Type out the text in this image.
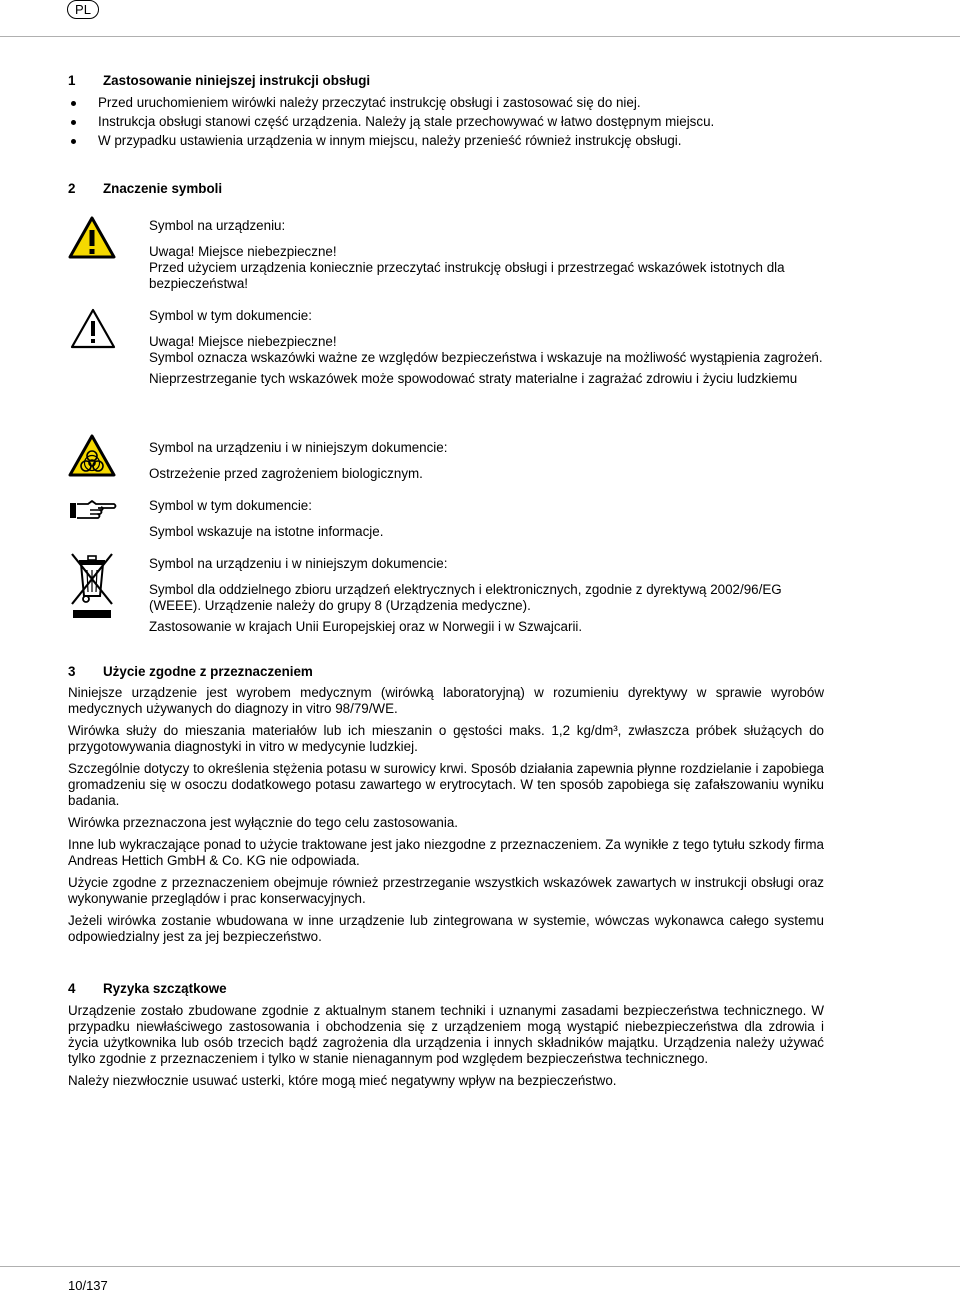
PL
1 Zastosowanie niniejszej instrukcji obsługi
Przed uruchomieniem wirówki należy przeczytać instrukcję obsługi i zastosować się do niej.
Instrukcja obsługi stanowi część urządzenia. Należy ją stale przechowywać w łatwo dostępnym miejscu.
W przypadku ustawienia urządzenia w innym miejscu, należy przenieść również instrukcję obsługi.
2 Znaczenie symboli

Symbol na urządzeniu:

Uwaga! Miejsce niebezpieczne!

Przed użyciem urządzenia koniecznie przeczytać instrukcję obsługi i przestrzegać wskazówek istotnych dla bezpieczeństwa!

Symbol w tym dokumencie:

Uwaga! Miejsce niebezpieczne!

Symbol oznacza wskazówki ważne ze względów bezpieczeństwa i wskazuje na możliwość wystąpienia zagrożeń.

Nieprzestrzeganie tych wskazówek może spowodować straty materialne i zagrażać zdrowiu i życiu ludzkiemu

Symbol na urządzeniu i w niniejszym dokumencie:

Ostrzeżenie przed zagrożeniem biologicznym.

Symbol w tym dokumencie:

Symbol wskazuje na istotne informacje.

Symbol na urządzeniu i w niniejszym dokumencie:

Symbol dla oddzielnego zbioru urządzeń elektrycznych i elektronicznych, zgodnie z dyrektywą 2002/96/EG (WEEE). Urządzenie należy do grupy 8 (Urządzenia medyczne).

Zastosowanie w krajach Unii Europejskiej oraz w Norwegii i w Szwajcarii.

3 Użycie zgodne z przeznaczeniem

Niniejsze urządzenie jest wyrobem medycznym (wirówką laboratoryjną) w rozumieniu dyrektywy w sprawie wyrobów medycznych używanych do diagnozy in vitro 98/79/WE.

Wirówka służy do mieszania materiałów lub ich mieszanin o gęstości maks. 1,2 kg/dm³, zwłaszcza próbek służących do przygotowywania diagnostyki in vitro w medycynie ludzkiej.

Szczególnie dotyczy to określenia stężenia potasu w surowicy krwi. Sposób działania zapewnia płynne rozdzielanie i zapobiega gromadzeniu się w osoczu dodatkowego potasu zawartego w erytrocytach. W ten sposób zapobiega się zafałszowaniu wyniku badania.

Wirówka przeznaczona jest wyłącznie do tego celu zastosowania.

Inne lub wykraczające ponad to użycie traktowane jest jako niezgodne z przeznaczeniem. Za wynikłe z tego tytułu szkody firma Andreas Hettich GmbH & Co. KG nie odpowiada.

Użycie zgodne z przeznaczeniem obejmuje również przestrzeganie wszystkich wskazówek zawartych w instrukcji obsługi oraz wykonywanie przeglądów i prac konserwacyjnych.

Jeżeli wirówka zostanie wbudowana w inne urządzenie lub zintegrowana w systemie, wówczas wykonawca całego systemu odpowiedzialny jest za jej bezpieczeństwo.

4 Ryzyka szczątkowe

Urządzenie zostało zbudowane zgodnie z aktualnym stanem techniki i uznanymi zasadami bezpieczeństwa technicznego. W przypadku niewłaściwego zastosowania i obchodzenia się z urządzeniem mogą wystąpić niebezpieczeństwa dla zdrowia i życia użytkownika lub osób trzecich bądź zagrożenia dla urządzenia i innych składników majątku. Urządzenia należy używać tylko zgodnie z przeznaczeniem i tylko w stanie nienagannym pod względem bezpieczeństwa technicznego.

Należy niezwłocznie usuwać usterki, które mogą mieć negatywny wpływ na bezpieczeństwo.

10/137
